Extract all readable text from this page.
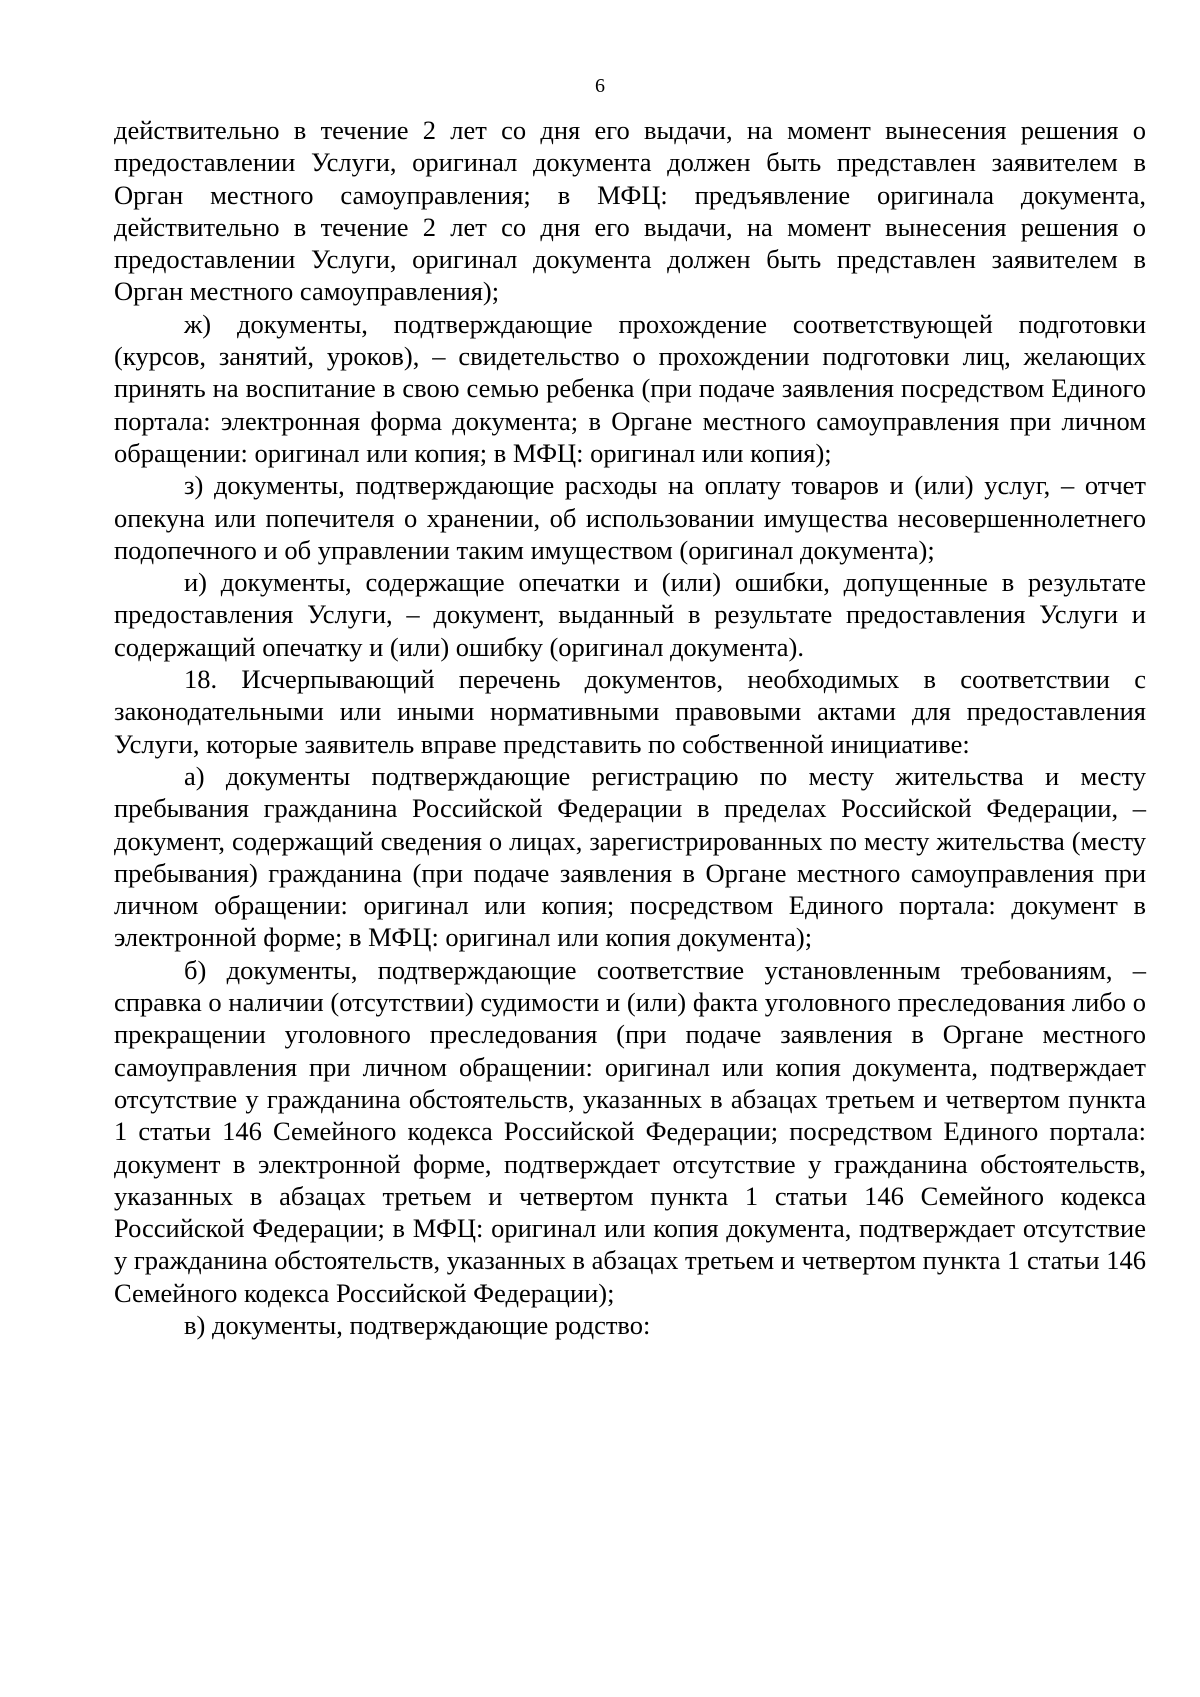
6

действительно в течение 2 лет со дня его выдачи, на момент вынесения решения о предоставлении Услуги, оригинал документа должен быть представлен заявителем в Орган местного самоуправления; в МФЦ: предъявление оригинала документа, действительно в течение 2 лет со дня его выдачи, на момент вынесения решения о предоставлении Услуги, оригинал документа должен быть представлен заявителем в Орган местного самоуправления);

ж) документы, подтверждающие прохождение соответствующей подготовки (курсов, занятий, уроков), – свидетельство о прохождении подготовки лиц, желающих принять на воспитание в свою семью ребенка (при подаче заявления посредством Единого портала: электронная форма документа; в Органе местного самоуправления при личном обращении: оригинал или копия; в МФЦ: оригинал или копия);

з) документы, подтверждающие расходы на оплату товаров и (или) услуг, – отчет опекуна или попечителя о хранении, об использовании имущества несовершеннолетнего подопечного и об управлении таким имуществом (оригинал документа);

и) документы, содержащие опечатки и (или) ошибки, допущенные в результате предоставления Услуги, – документ, выданный в результате предоставления Услуги и содержащий опечатку и (или) ошибку (оригинал документа).

18. Исчерпывающий перечень документов, необходимых в соответствии с законодательными или иными нормативными правовыми актами для предоставления Услуги, которые заявитель вправе представить по собственной инициативе:

а) документы подтверждающие регистрацию по месту жительства и месту пребывания гражданина Российской Федерации в пределах Российской Федерации, – документ, содержащий сведения о лицах, зарегистрированных по месту жительства (месту пребывания) гражданина (при подаче заявления в Органе местного самоуправления при личном обращении: оригинал или копия; посредством Единого портала: документ в электронной форме; в МФЦ: оригинал или копия документа);

б) документы, подтверждающие соответствие установленным требованиям, – справка о наличии (отсутствии) судимости и (или) факта уголовного преследования либо о прекращении уголовного преследования (при подаче заявления в Органе местного самоуправления при личном обращении: оригинал или копия документа, подтверждает отсутствие у гражданина обстоятельств, указанных в абзацах третьем и четвертом пункта 1 статьи 146 Семейного кодекса Российской Федерации; посредством Единого портала: документ в электронной форме, подтверждает отсутствие у гражданина обстоятельств, указанных в абзацах третьем и четвертом пункта 1 статьи 146 Семейного кодекса Российской Федерации; в МФЦ: оригинал или копия документа, подтверждает отсутствие у гражданина обстоятельств, указанных в абзацах третьем и четвертом пункта 1 статьи 146 Семейного кодекса Российской Федерации);

в) документы, подтверждающие родство:
